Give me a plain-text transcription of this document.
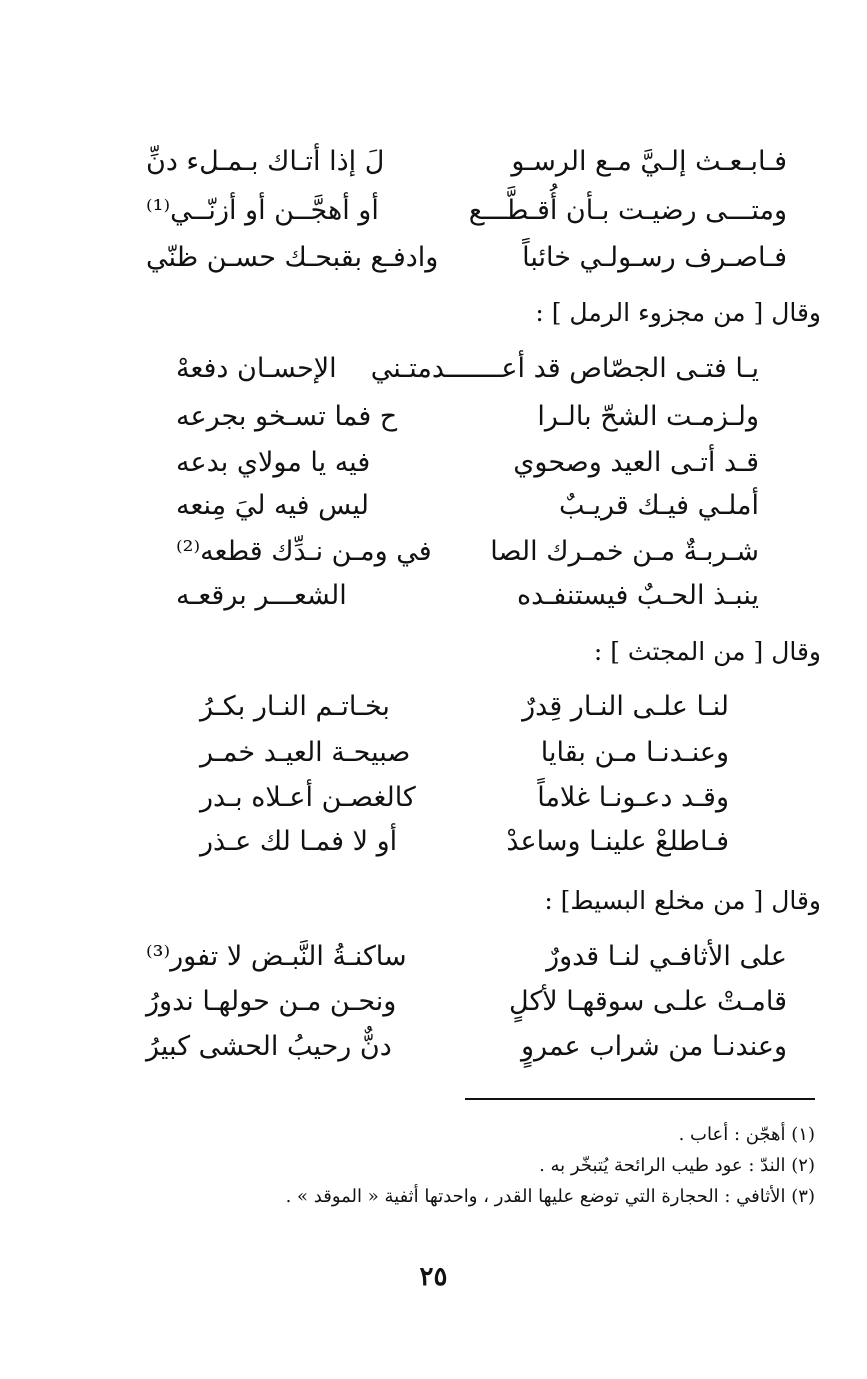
فـابـعـث إلـيَّ مـع الرسـو
لَ إذا أتـاك بـمـلء دنِّ
ومتـــى رضيـت بـأن أُقـطَّـــع
أو أهجَّــن أو أزنّــي⁽¹⁾
فـاصـرف رسـولـي خائباً
وادفـع بقبحـك حسـن ظنّي
وقال [ من مجزوء الرمل ] :
يـا فتـى الجصّاص قد أعـــــــدمتـني
الإحسـان دفعهْ
ولـزمـت الشحّ بالـرا
ح فما تسـخو بجرعه
قـد أتـى العيد وصحوي
فيه يا مولاي بدعه
أملـي فيـك قريـبٌ
ليس فيه ليَ مِنعه
شـربـةٌ مـن خمـرك الصا
في ومـن نـدِّك قطعه⁽²⁾
ينبـذ الحـبٌ فيستنفـده
الشعـــر برقعـه
وقال [ من المجتث ] :
لنـا علـى النـار قِدرٌ
بخـاتـم النـار بكـرُ
وعنـدنـا مـن بقايا
صبيحـة العيـد خمـر
وقـد دعـونـا غلاماً
كالغصـن أعـلاه بـدر
فـاطلعْ علينـا وساعدْ
أو لا فمـا لك عـذر
وقال [ من مخلع البسيط] :
على الأثافـي لنـا قدورٌ
ساكنـةُ النَّبـض لا تفور⁽³⁾
قامـتْ علـى سوقهـا لأكلٍ
ونحـن مـن حولهـا ندورُ
وعندنـا من شراب عمروٍ
دنٌّ رحيبُ الحشى كبيرُ
(١) أهجّن : أعاب .
(٢) الندّ : عود طيب الرائحة يُتبخّر به .
(٣) الأثافي : الحجارة التي توضع عليها القدر ، واحدتها أثفية « الموقد » .
٢٥
